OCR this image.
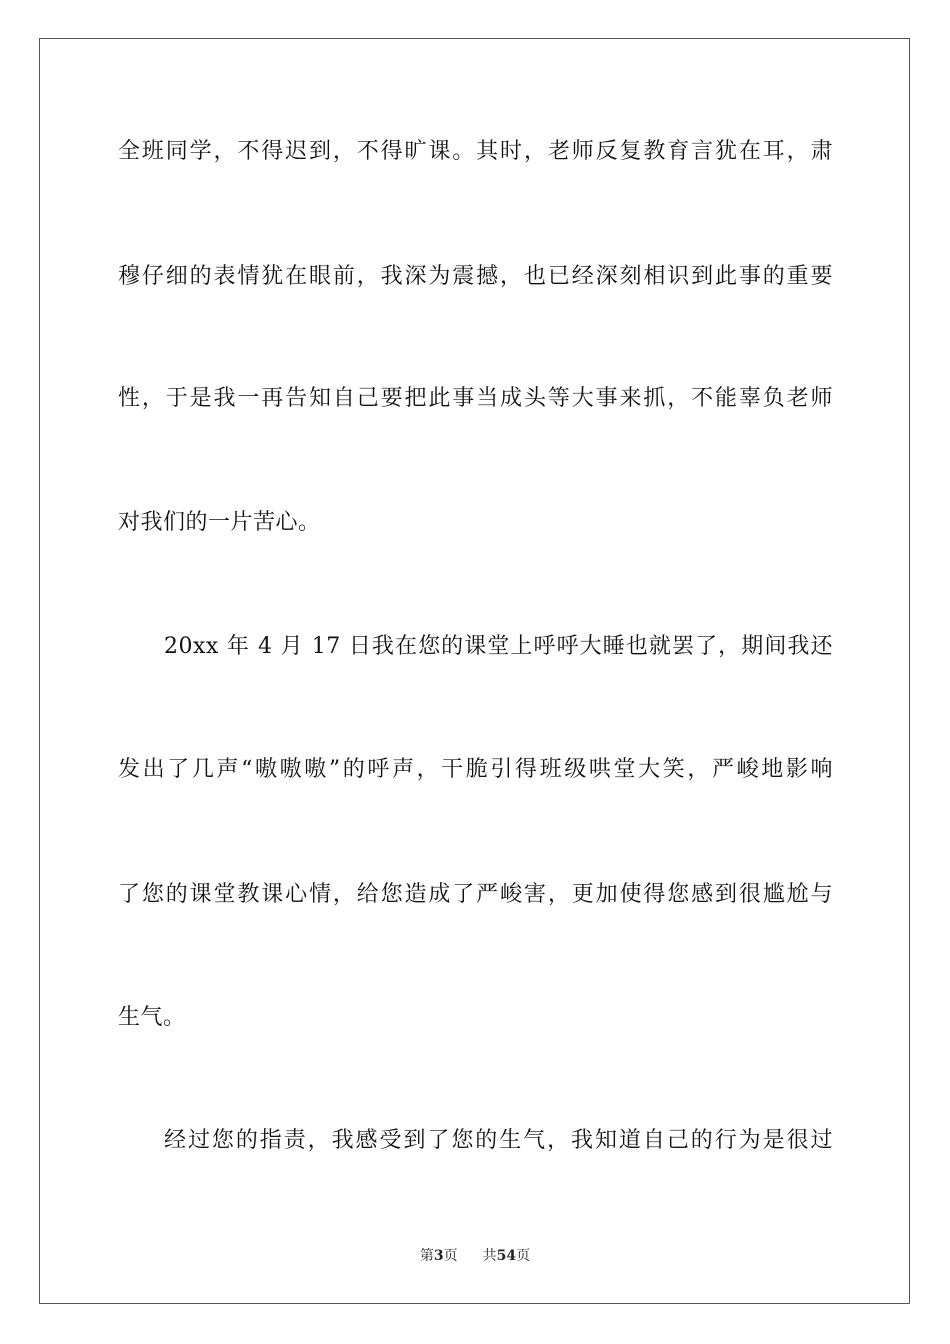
全班同学，不得迟到，不得旷课。其时，老师反复教育言犹在耳，肃
穆仔细的表情犹在眼前，我深为震撼，也已经深刻相识到此事的重要
性，于是我一再告知自己要把此事当成头等大事来抓，不能辜负老师
对我们的一片苦心。
20xx 年 4 月 17 日我在您的课堂上呼呼大睡也就罢了，期间我还
发出了几声“嗷嗷嗷”的呼声，干脆引得班级哄堂大笑，严峻地影响
了您的课堂教课心情，给您造成了严峻害，更加使得您感到很尴尬与
生气。
经过您的指责，我感受到了您的生气，我知道自己的行为是很过
第3页 共54页
